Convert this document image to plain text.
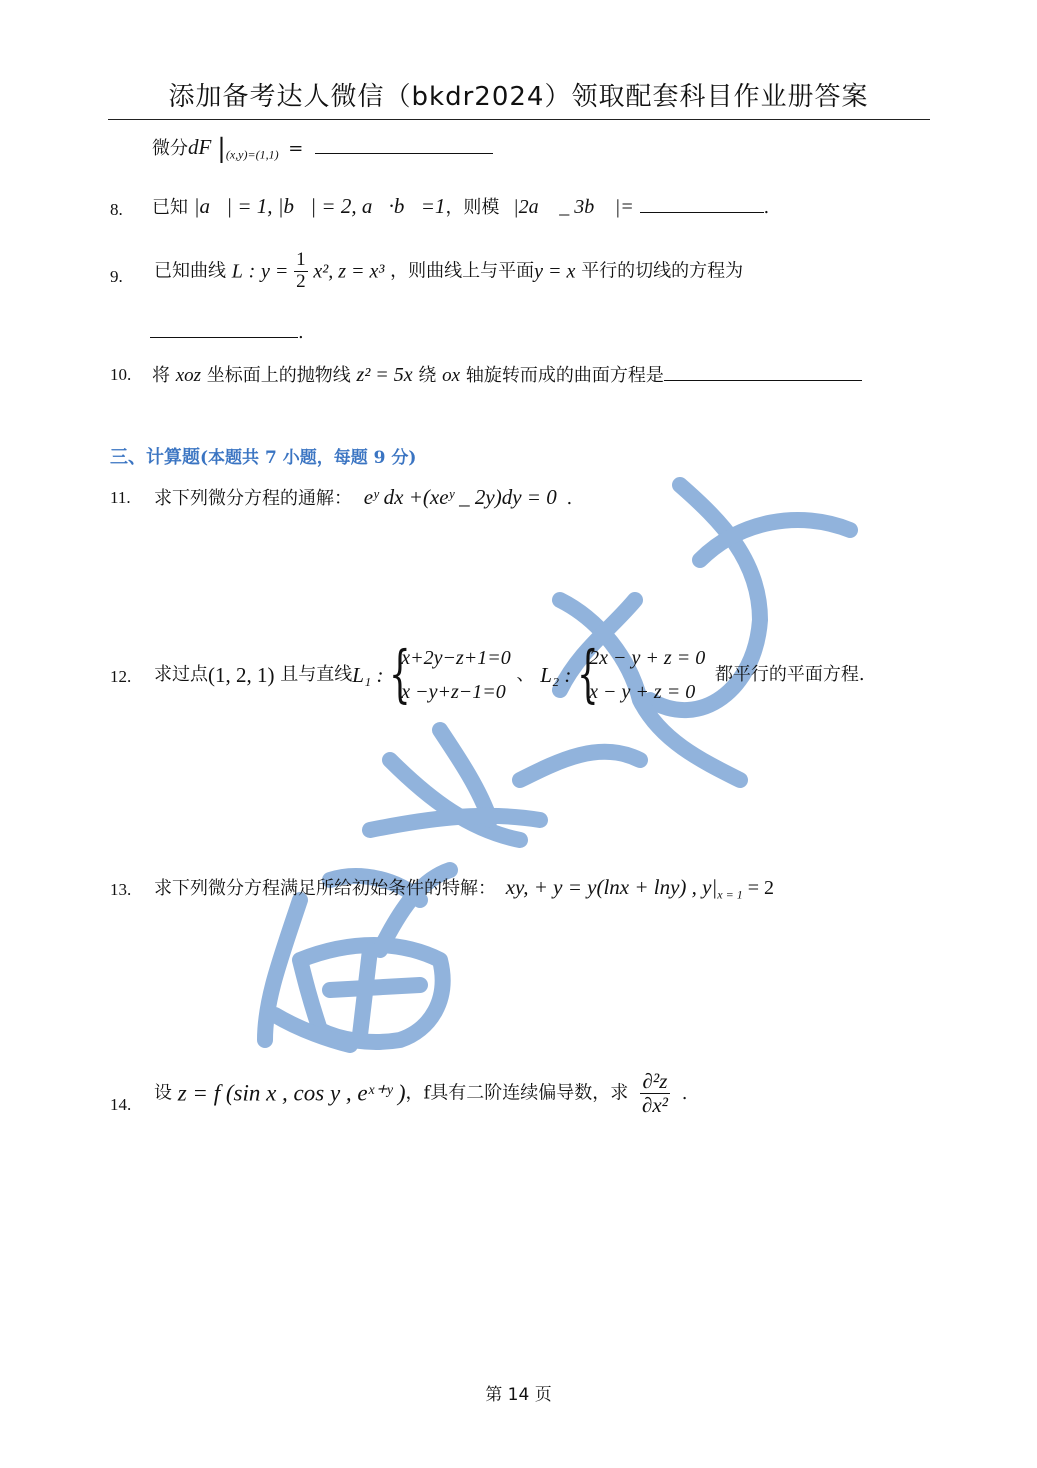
添加备考达人微信（bkdr2024）领取配套科目作业册答案
微分dF $|_{(x,y)=(1,1)}$ =
8. 已知 |a⃗| = 1, |b⃗| = 2, a⃗·b⃗=1，则模 |2a⃗ _ 3b⃗ |=	.
9. 已知曲线 L : $y = \frac{1}{2} x^2$, z = x³ ，则曲线上与平面y = x 平行的切线的方程为
.
10. 将 xoz 坐标面上的抛物线 z² = 5x 绕 ox 轴旋转而成的曲面方程是
三、计算题(本题共 7 小题，每题 9 分)
11. 求下列微分方程的通解： eʸ dx +(xeʸ _ 2y)dy = 0 .
12. 求过点(1, 2, 1) 且与直线L₁ : {
x+2y−z+1=0
x −y+z−1=0
、 L₂ : {
2x − y + z = 0
x − y + z = 0
都平行的平面方程.
13. 求下列微分方程满足所给初始条件的特解： xy, + y = y(lnx + lny) , $y|_{x = 1} = 2$
14.
设 z = f (sin x , cos y , eˣ⁺ʸ )，f具有二阶连续偏导数，求 $\frac{\text{∂²z}}{\text{∂x²}}$ .
第 14 页
